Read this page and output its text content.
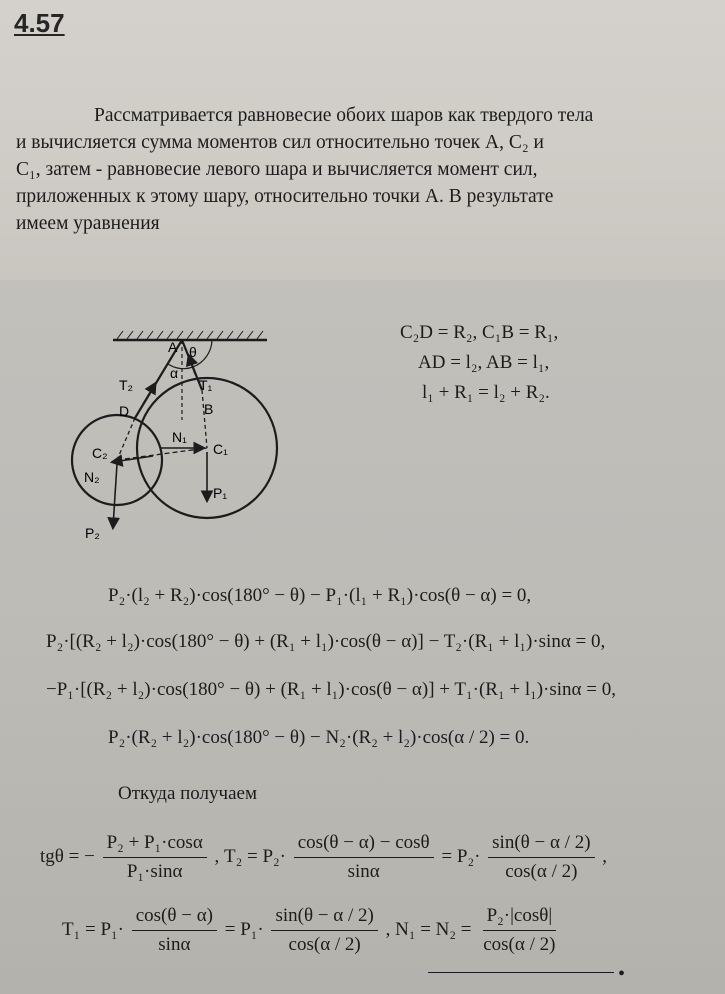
4.57
Рассматривается равновесие обоих шаров как твердого тела
и вычисляется сумма моментов сил относительно точек A, C₂ и
C₁, затем - равновесие левого шара и вычисляется момент сил,
приложенных к этому шару, относительно точки A. В результате
имеем уравнения
A θ
α
T₂	T₁
D	B
C₂	C₁
N₁
N₂
P₁
P₂
C₂D = R₂, C₁B = R₁,
AD = l₂, AB = l₁,
l₁ + R₁ = l₂ + R₂.
P₂·(l₂ + R₂)·cos(180° − θ) − P₁·(l₁ + R₁)·cos(θ − α) = 0,
P₂·[(R₂ + l₂)·cos(180° − θ) + (R₁ + l₁)·cos(θ − α)] − T₂·(R₁ + l₁)·sinα = 0,
−P₁·[(R₂ + l₂)·cos(180° − θ) + (R₁ + l₁)·cos(θ − α)] + T₁·(R₁ + l₁)·sinα = 0,
P₂·(R₂ + l₂)·cos(180° − θ) − N₂·(R₂ + l₂)·cos(α / 2) = 0.
Откуда получаем
tgθ = − $\frac{\text{P₂ + P₁·cosα}}{\text{P₁·sinα}}$ , $T_2 = P_2\cdot \frac{\cos(\theta - \alpha) - \cos\theta}{\sin\alpha} = P_2\cdot \frac{\sin(\theta - \alpha / 2)}{\cos(\alpha / 2)}$ ,
$T_1 = P_1\cdot \frac{\cos(\theta - \alpha)}{\sin\alpha} = P_1\cdot \frac{\sin(\theta - \alpha / 2)}{\cos(\alpha / 2)}$ , $N_1 = N_2 = \frac{\text{P₂·|cosθ|}}{\cos(\alpha / 2)}$
•
